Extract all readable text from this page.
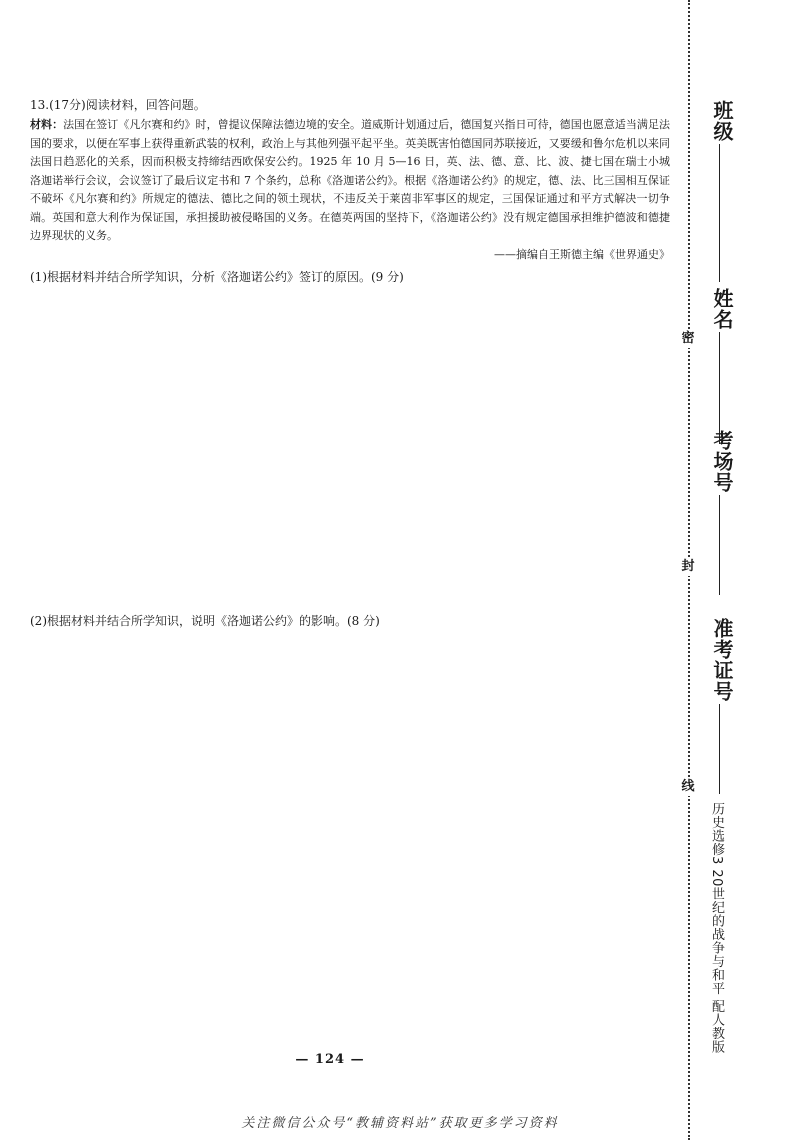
13.(17分)阅读材料，回答问题。

材料：法国在签订《凡尔赛和约》时，曾提议保障法德边境的安全。道威斯计划通过后，德国复兴指日可待，德国也愿意适当满足法国的要求，以便在军事上获得重新武装的权利，政治上与其他列强平起平坐。英美既害怕德国同苏联接近，又要缓和鲁尔危机以来同法国日趋恶化的关系，因而积极支持缔结西欧保安公约。1925 年 10 月 5—16 日，英、法、德、意、比、波、捷七国在瑞士小城洛迦诺举行会议，会议签订了最后议定书和 7 个条约，总称《洛迦诺公约》。根据《洛迦诺公约》的规定，德、法、比三国相互保证不破坏《凡尔赛和约》所规定的德法、德比之间的领土现状，不违反关于莱茵非军事区的规定，三国保证通过和平方式解决一切争端。英国和意大利作为保证国，承担援助被侵略国的义务。在德英两国的坚持下，《洛迦诺公约》没有规定德国承担维护德波和德捷边界现状的义务。

——摘编自王斯德主编《世界通史》

(1)根据材料并结合所学知识，分析《洛迦诺公约》签订的原因。(9 分)
(2)根据材料并结合所学知识，说明《洛迦诺公约》的影响。(8 分)
— 124 —
关注微信公众号“教辅资料站”获取更多学习资料
密
封
线
班级
姓名
考场号
准考证号
历史选修3 20世纪的战争与和平 配人教版
